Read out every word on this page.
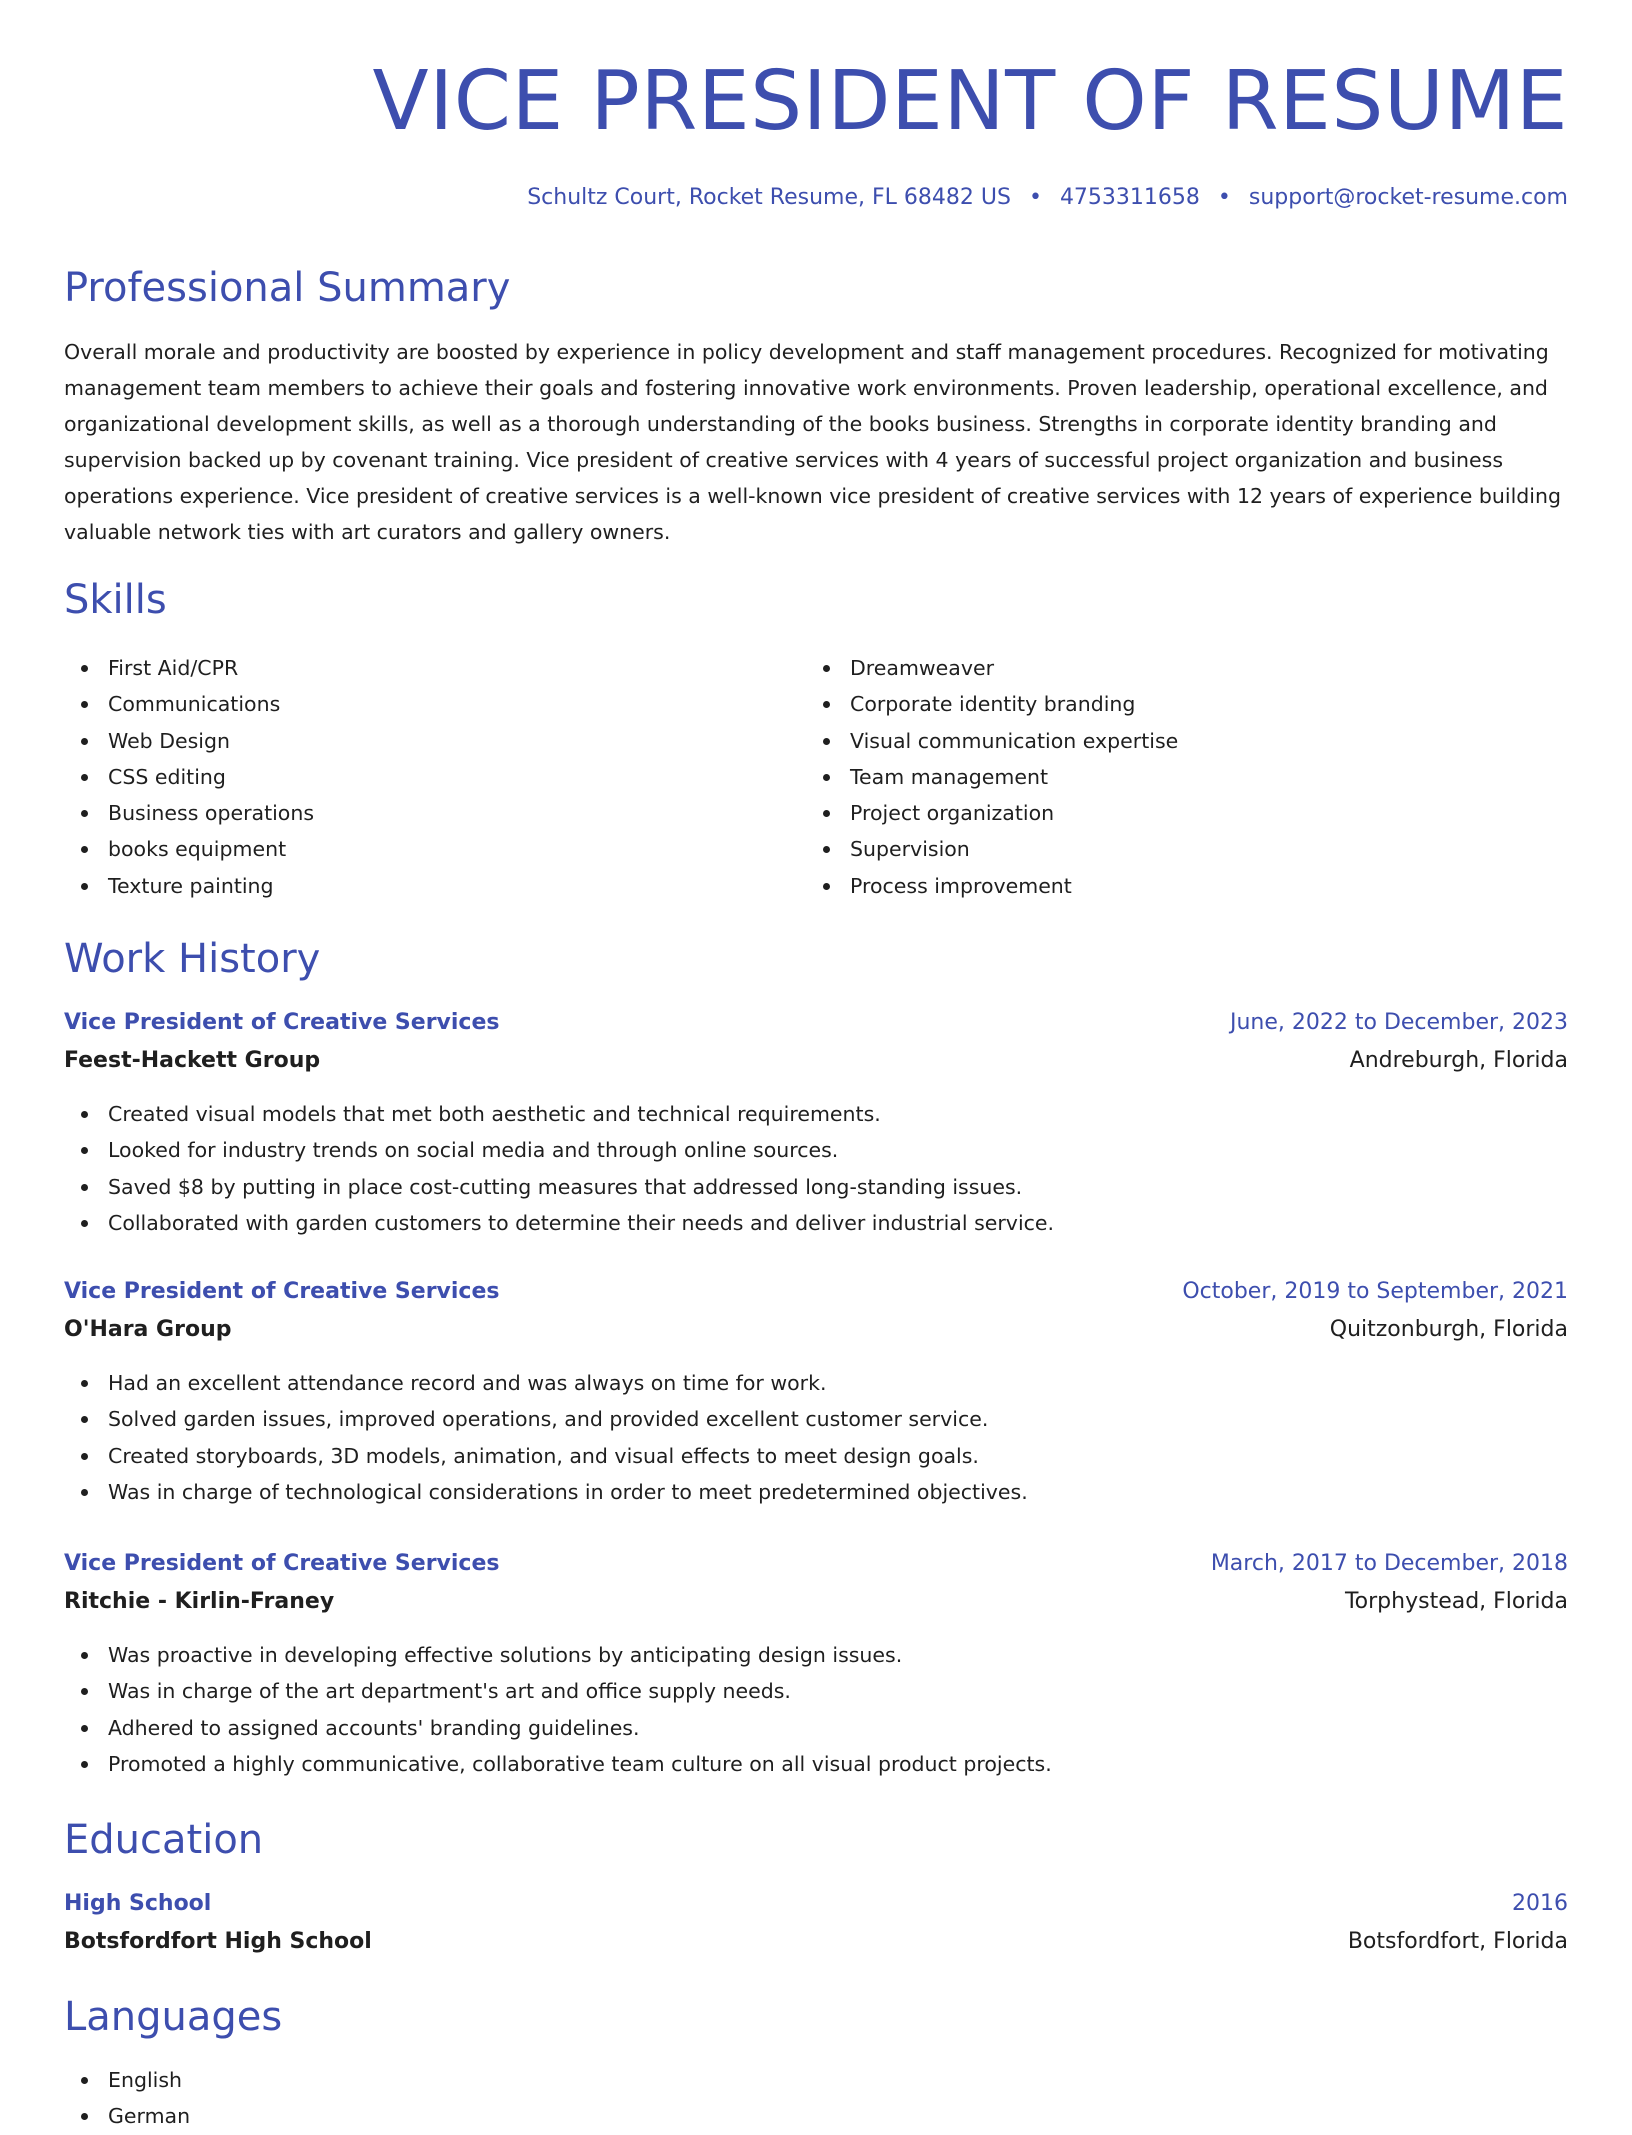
VICE PRESIDENT OF RESUME
Schultz Court, Rocket Resume, FL 68482 US • 4753311658 • support@rocket-resume.com
Professional Summary

Overall morale and productivity are boosted by experience in policy development and staff management procedures. Recognized for motivating management team members to achieve their goals and fostering innovative work environments. Proven leadership, operational excellence, and organizational development skills, as well as a thorough understanding of the books business. Strengths in corporate identity branding and supervision backed up by covenant training. Vice president of creative services with 4 years of successful project organization and business operations experience. Vice president of creative services is a well-known vice president of creative services with 12 years of experience building valuable network ties with art curators and gallery owners.

Skills
First Aid/CPR
Communications
Web Design
CSS editing
Business operations
books equipment
Texture painting
Dreamweaver
Corporate identity branding
Visual communication expertise
Team management
Project organization
Supervision
Process improvement
Work History
Vice President of Creative Services	June, 2022 to December, 2023
Feest-Hackett Group	Andreburgh, Florida
Created visual models that met both aesthetic and technical requirements.
Looked for industry trends on social media and through online sources.
Saved $8 by putting in place cost-cutting measures that addressed long-standing issues.
Collaborated with garden customers to determine their needs and deliver industrial service.
Vice President of Creative Services	October, 2019 to September, 2021
O'Hara Group	Quitzonburgh, Florida
Had an excellent attendance record and was always on time for work.
Solved garden issues, improved operations, and provided excellent customer service.
Created storyboards, 3D models, animation, and visual effects to meet design goals.
Was in charge of technological considerations in order to meet predetermined objectives.
Vice President of Creative Services	March, 2017 to December, 2018
Ritchie - Kirlin-Franey	Torphystead, Florida
Was proactive in developing effective solutions by anticipating design issues.
Was in charge of the art department's art and office supply needs.
Adhered to assigned accounts' branding guidelines.
Promoted a highly communicative, collaborative team culture on all visual product projects.
Education
High School	2016
Botsfordfort High School	Botsfordfort, Florida
Languages
English
German
